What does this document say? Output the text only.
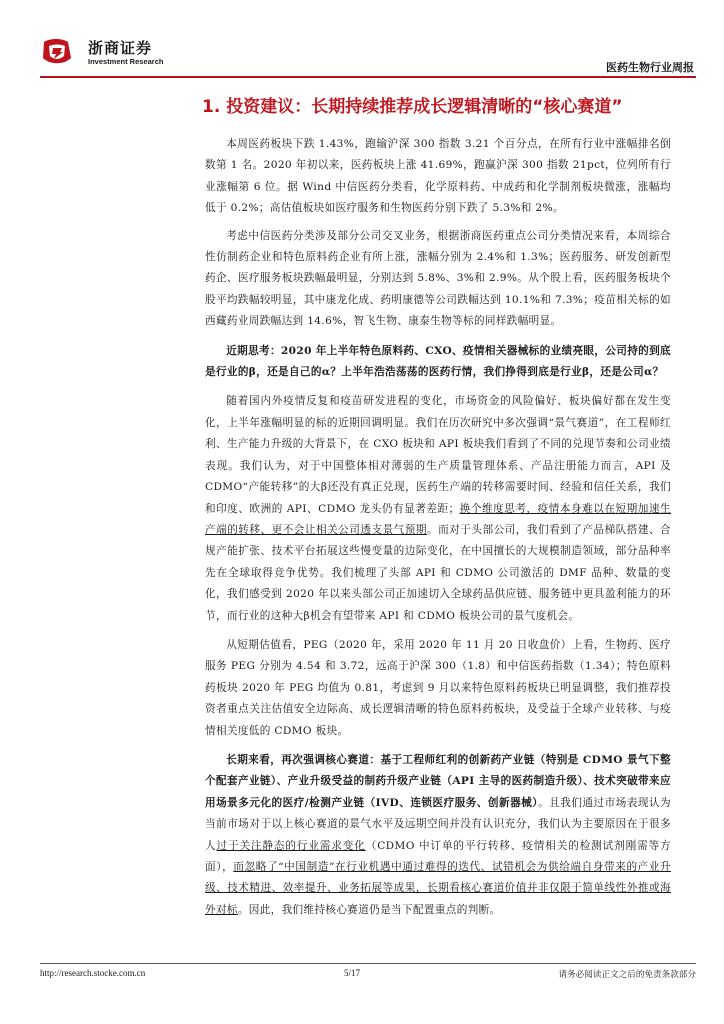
浙商证券
Investment Research	医药生物行业周报
1. 投资建议：长期持续推荐成长逻辑清晰的“核心赛道”

本周医药板块下跌 1.43%，跑输沪深 300 指数 3.21 个百分点，在所有行业中涨幅排名倒数第 1 名。2020 年初以来，医药板块上涨 41.69%，跑赢沪深 300 指数 21pct，位列所有行业涨幅第 6 位。据 Wind 中信医药分类看，化学原料药、中成药和化学制剂板块微涨，涨幅均低于 0.2%；高估值板块如医疗服务和生物医药分别下跌了 5.3%和 2%。

考虑中信医药分类涉及部分公司交叉业务，根据浙商医药重点公司分类情况来看，本周综合性仿制药企业和特色原料药企业有所上涨，涨幅分别为 2.4%和 1.3%；医药服务、研发创新型药企、医疗服务板块跌幅最明显，分别达到 5.8%、3%和 2.9%。从个股上看，医药服务板块个股平均跌幅较明显，其中康龙化成、药明康德等公司跌幅达到 10.1%和 7.3%；疫苗相关标的如西藏药业周跌幅达到 14.6%，智飞生物、康泰生物等标的同样跌幅明显。

近期思考：2020 年上半年特色原料药、CXO、疫情相关器械标的业绩亮眼，公司持的到底是行业的β，还是自己的α？上半年浩浩荡荡的医药行情，我们挣得到底是行业β，还是公司α？

随着国内外疫情反复和疫苗研发进程的变化，市场资金的风险偏好、板块偏好都在发生变化，上半年涨幅明显的标的近期回调明显。我们在历次研究中多次强调“景气赛道”，在工程师红利、生产能力升级的大背景下，在 CXO 板块和 API 板块我们看到了不同的兑现节奏和公司业绩表现。我们认为，对于中国整体相对薄弱的生产质量管理体系、产品注册能力而言，API 及 CDMO“产能转移”的大β还没有真正兑现，医药生产端的转移需要时间、经验和信任关系，我们和印度、欧洲的 API、CDMO 龙头仍有显著差距；换个维度思考，疫情本身难以在短期加速生产端的转移、更不会让相关公司透支景气预期。而对于头部公司，我们看到了产品梯队搭建、合规产能扩张、技术平台拓展这些慢变量的边际变化，在中国擅长的大规模制造领域，部分品种率先在全球取得竞争优势。我们梳理了头部 API 和 CDMO 公司激活的 DMF 品种、数量的变化，我们感受到 2020 年以来头部公司正加速切入全球药品供应链、服务链中更具盈利能力的环节，而行业的这种大β机会有望带来 API 和 CDMO 板块公司的景气度机会。

从短期估值看，PEG（2020 年，采用 2020 年 11 月 20 日收盘价）上看，生物药、医疗服务 PEG 分别为 4.54 和 3.72，远高于沪深 300（1.8）和中信医药指数（1.34）；特色原料药板块 2020 年 PEG 均值为 0.81，考虑到 9 月以来特色原料药板块已明显调整，我们推荐投资者重点关注估值安全边际高、成长逻辑清晰的特色原料药板块，及受益于全球产业转移、与疫情相关度低的 CDMO 板块。

长期来看，再次强调核心赛道：基于工程师红利的创新药产业链（特别是 CDMO 景气下整个配套产业链）、产业升级受益的制药升级产业链（API 主导的医药制造升级）、技术突破带来应用场景多元化的医疗/检测产业链（IVD、连锁医疗服务、创新器械）。且我们通过市场表现认为当前市场对于以上核心赛道的景气水平及远期空间并没有认识充分，我们认为主要原因在于很多人过于关注静态的行业需求变化（CDMO 中订单的平行转移、疫情相关的检测试剂刚需等方面），而忽略了“中国制造”在行业机遇中通过难得的迭代、试错机会为供给端自身带来的产业升级、技术精进、效率提升、业务拓展等成果，长期看核心赛道价值并非仅限于简单线性外推或海外对标。因此，我们维持核心赛道仍是当下配置重点的判断。

http://research.stocke.com.cn	5/17	请务必阅读正文之后的免责条款部分
